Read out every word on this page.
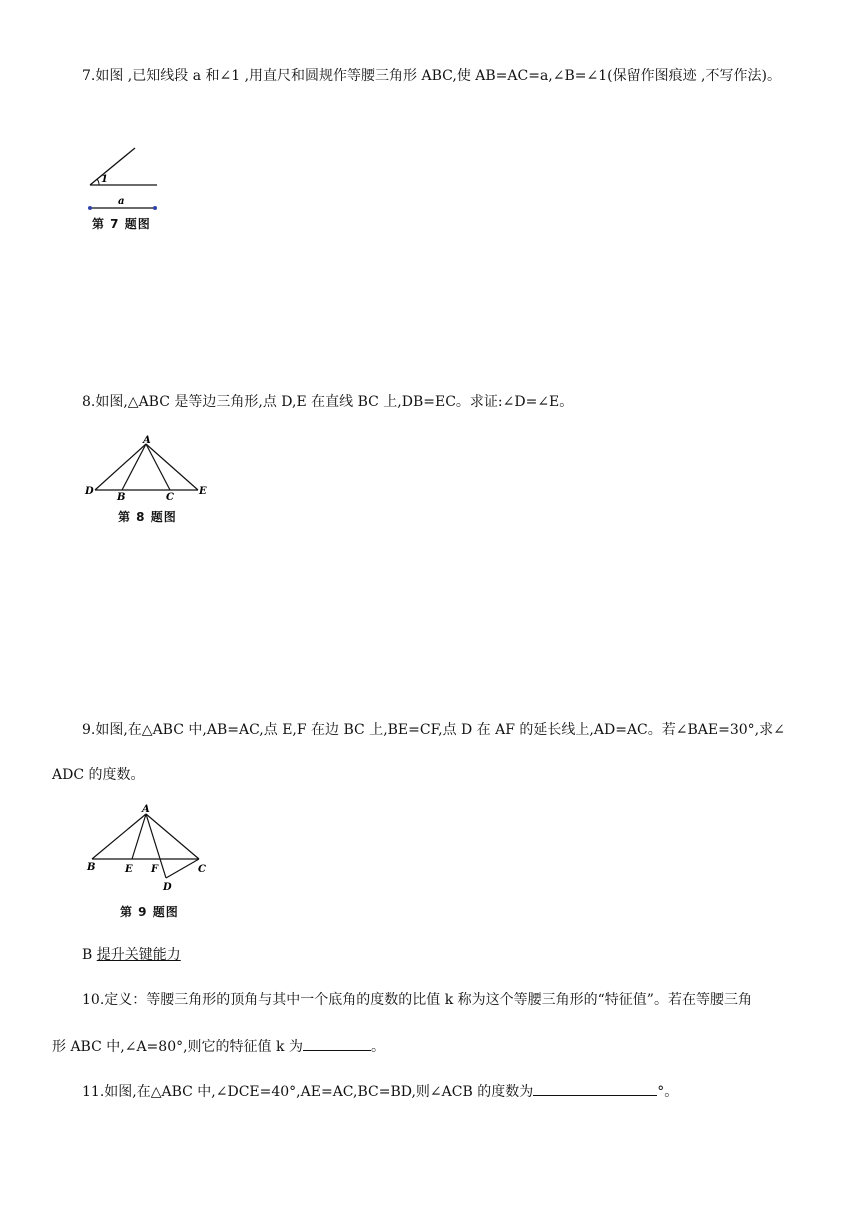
7.如图 ,已知线段 a 和∠1 ,用直尺和圆规作等腰三角形 ABC,使 AB=AC=a,∠B=∠1(保留作图痕迹 ,不写作法)。
1
a
第 7 题图
8.如图,△ABC 是等边三角形,点 D,E 在直线 BC 上,DB=EC。求证:∠D=∠E。
A
D
B	C
E
第 8 题图
9.如图,在△ABC 中,AB=AC,点 E,F 在边 BC 上,BE=CF,点 D 在 AF 的延长线上,AD=AC。若∠BAE=30°,求∠
ADC 的度数。
A
B	E F	C
D
第 9 题图
B 提升关键能力
10.定义：等腰三角形的顶角与其中一个底角的度数的比值 k 称为这个等腰三角形的“特征值”。若在等腰三角
形 ABC 中,∠A=80°,则它的特征值 k 为	。
11.如图,在△ABC 中,∠DCE=40°,AE=AC,BC=BD,则∠ACB 的度数为	°。
